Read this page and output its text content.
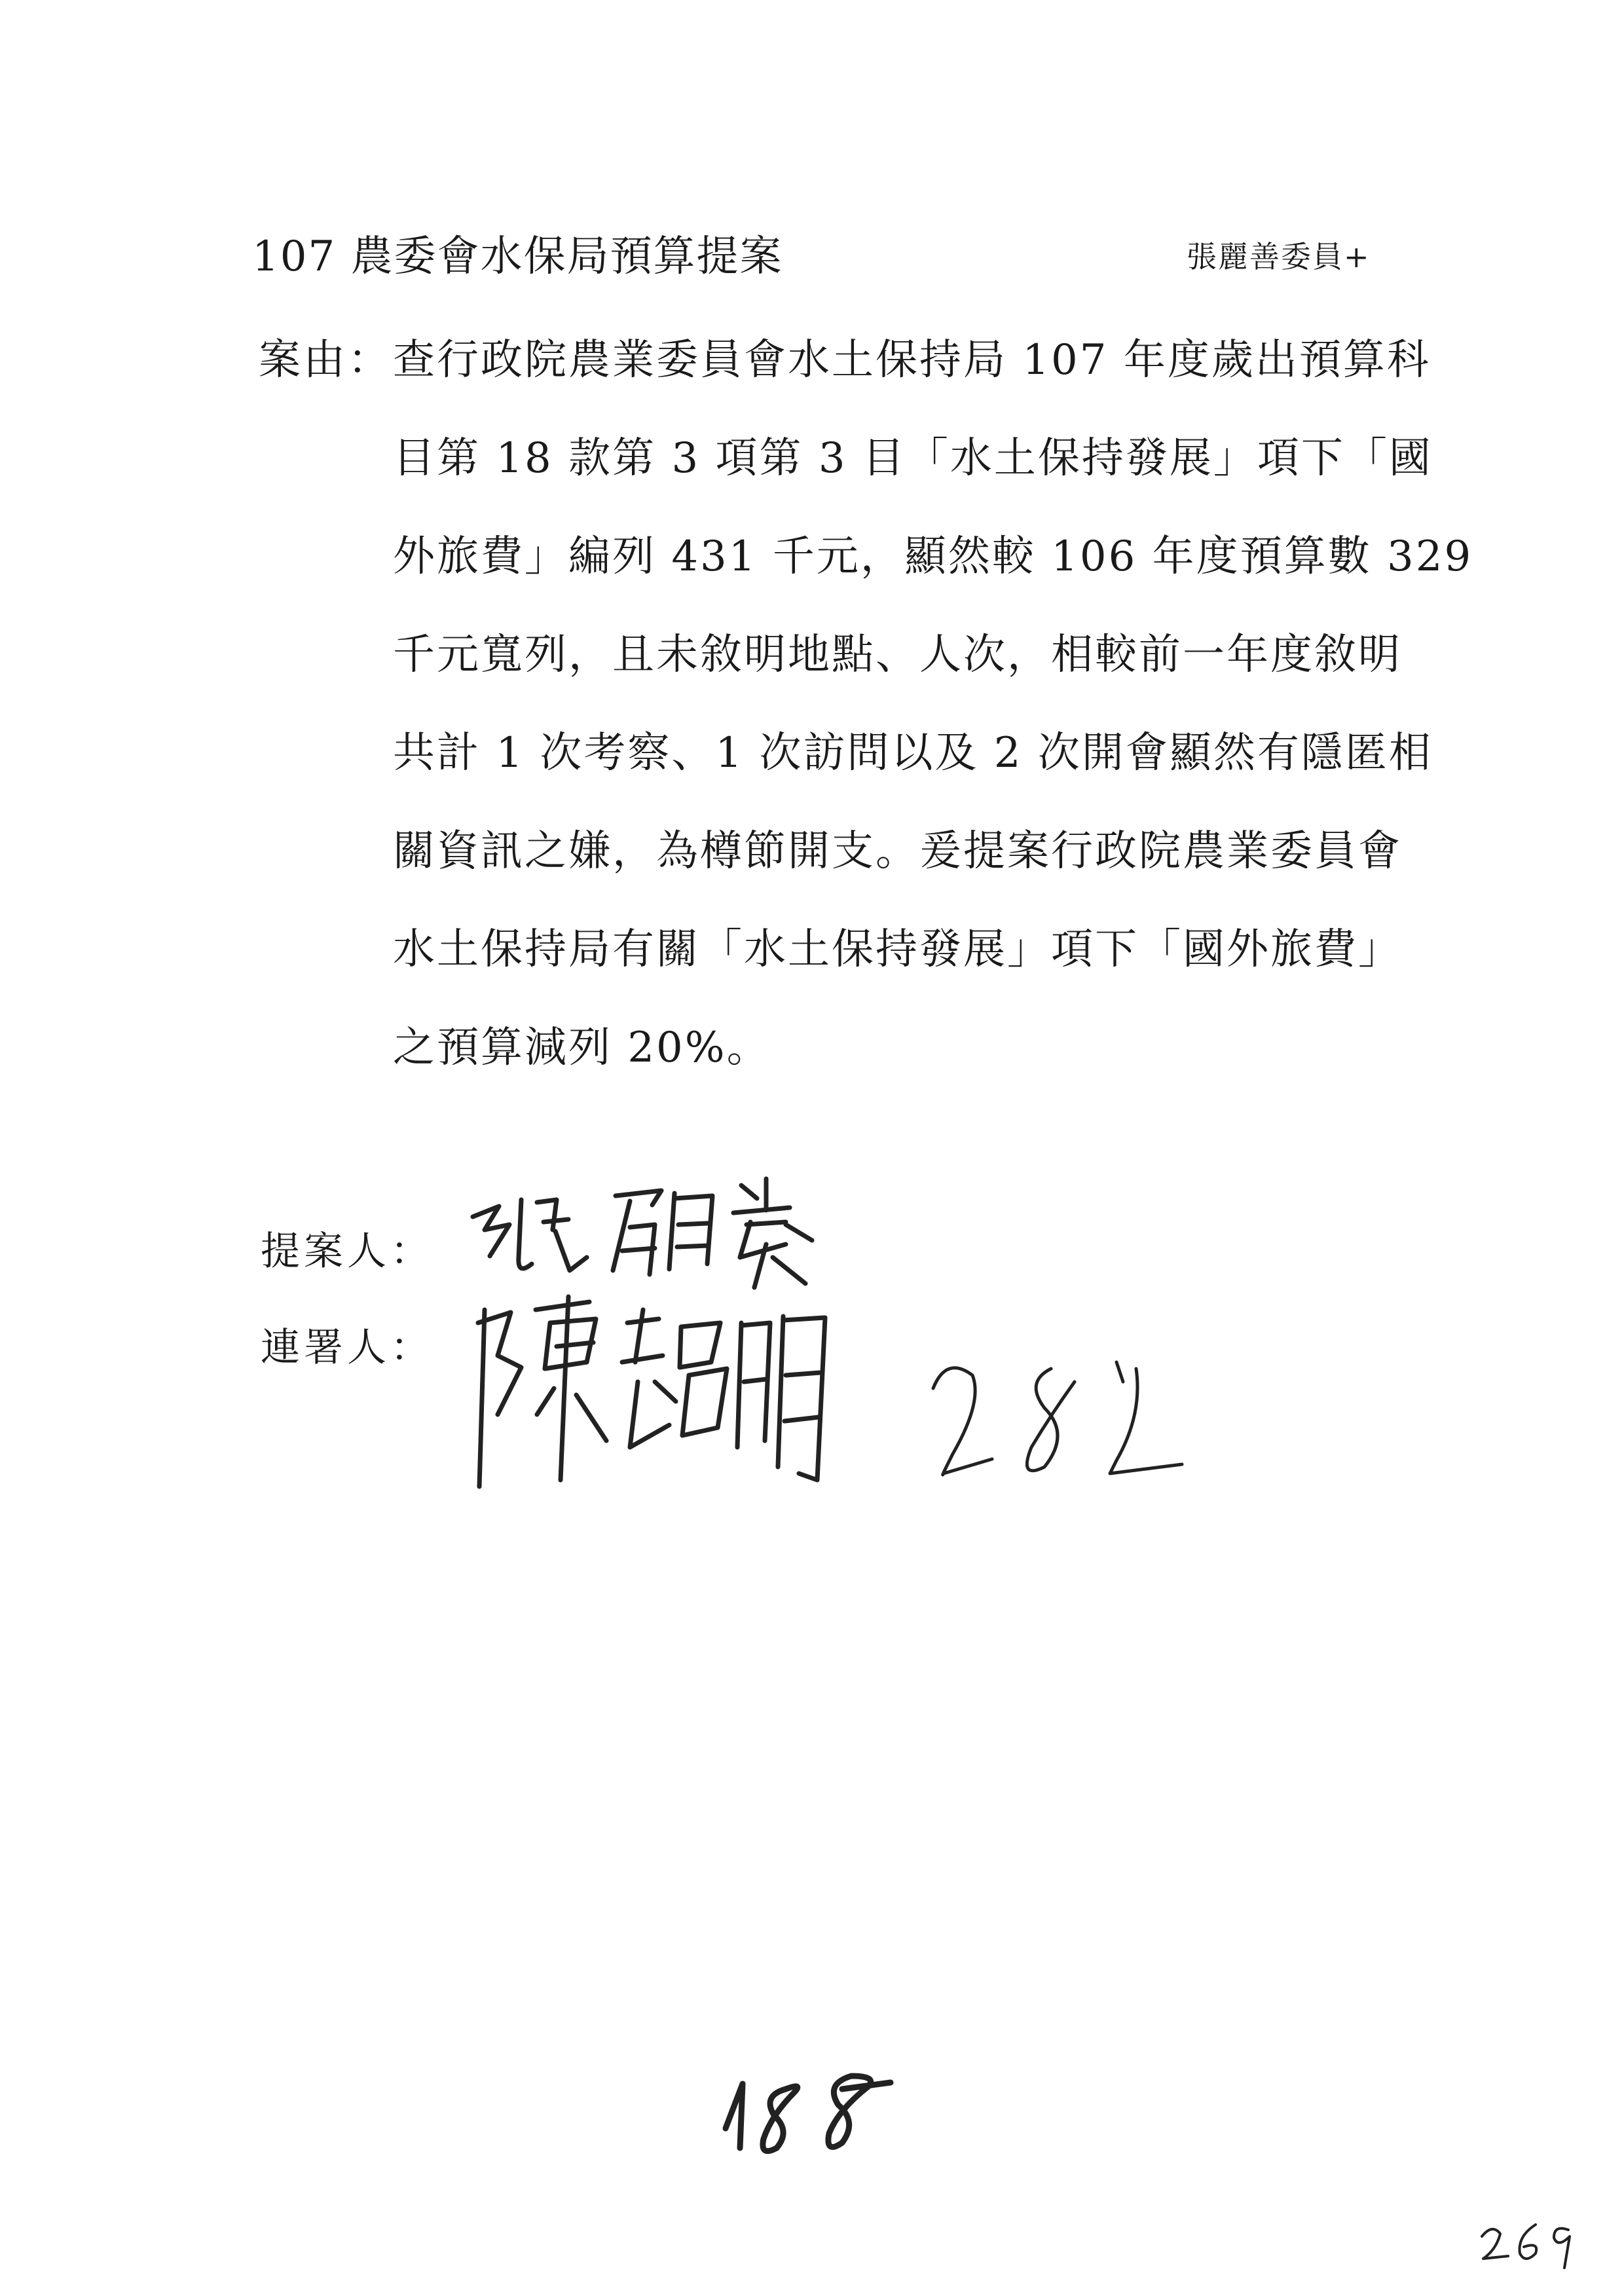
107 農委會水保局預算提案	張麗善委員+
案由： 查行政院農業委員會水土保持局 107 年度歲出預算科
目第 18 款第 3 項第 3 目「水土保持發展」項下「國
外旅費」編列 431 千元，顯然較 106 年度預算數 329
千元寬列，且未敘明地點、人次，相較前一年度敘明
共計 1 次考察、1 次訪問以及 2 次開會顯然有隱匿相
關資訊之嫌，為樽節開支。爰提案行政院農業委員會
水土保持局有關「水土保持發展」項下「國外旅費」
之預算減列 20%。
提案人：
連署人：
